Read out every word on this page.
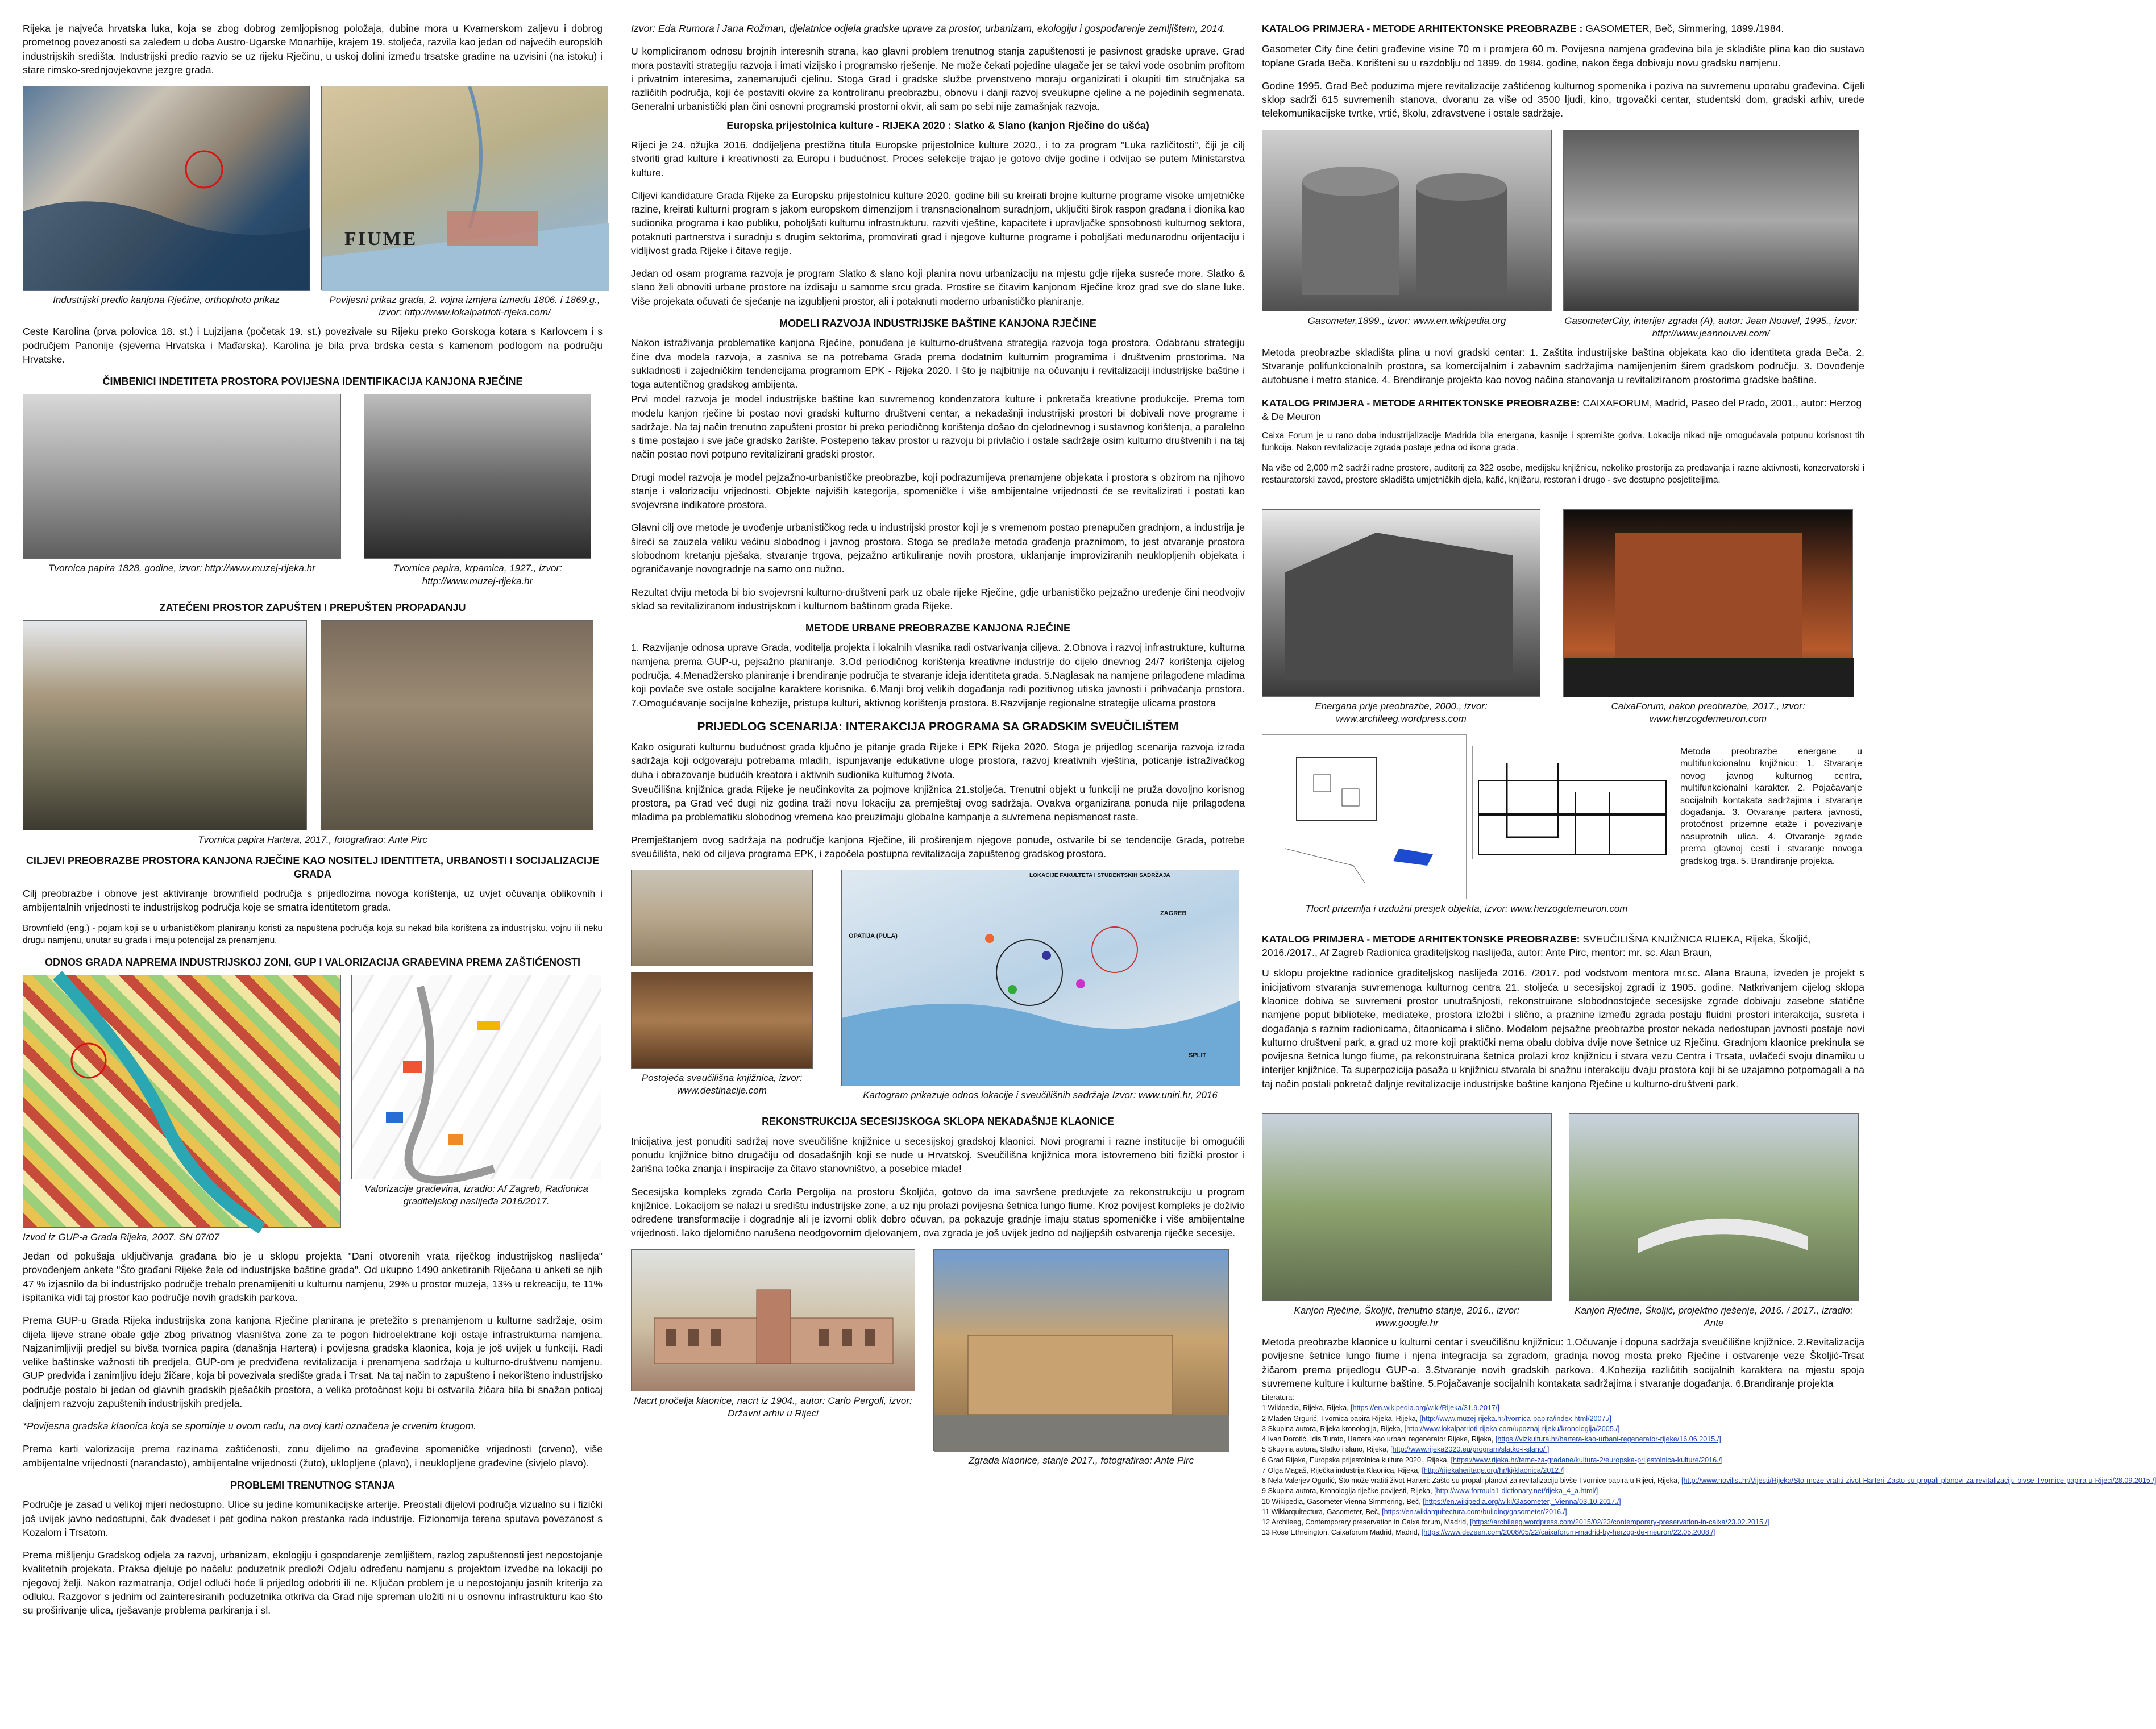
Rijeka je najveća hrvatska luka, koja se zbog dobrog zemljopisnog položaja, dubine mora u Kvarnerskom zaljevu i dobrog prometnog povezanosti sa zaleđem u doba Austro-Ugarske Monarhije, krajem 19. stoljeća, razvila kao jedan od najvećih europskih industrijskih središta. Industrijski predio razvio se uz rijeku Rječinu, u uskoj dolini između trsatske gradine na uzvisini (na istoku) i stare rimsko-srednjovjekovne jezgre grada.

Industrijski predio kanjona Rječine, orthophoto prikaz
FIUME
Povijesni prikaz grada, 2. vojna izmjera između 1806. i 1869.g., izvor: http://www.lokalpatrioti-rijeka.com/

Ceste Karolina (prva polovica 18. st.) i Lujzijana (početak 19. st.) povezivale su Rijeku preko Gorskoga kotara s Karlovcem i s područjem Panonije (sjeverna Hrvatska i Mađarska). Karolina je bila prva brdska cesta s kamenom podlogom na području Hrvatske.

ČIMBENICI INDETITETA PROSTORA POVIJESNA IDENTIFIKACIJA KANJONA RJEČINE
Tvornica papira 1828. godine, izvor: http://www.muzej-rijeka.hr	Tvornica papira, krpamica, 1927., izvor: http://www.muzej-rijeka.hr
ZATEČENI PROSTOR ZAPUŠTEN I PREPUŠTEN PROPADANJU
Tvornica papira Hartera, 2017., fotografirao: Ante Pirc
CILJEVI PREOBRAZBE PROSTORA KANJONA RJEČINE KAO NOSITELJ IDENTITETA, URBANOSTI I SOCIJALIZACIJE GRADA

Cilj preobrazbe i obnove jest aktiviranje brownfield područja s prijedlozima novoga korištenja, uz uvjet očuvanja oblikovnih i ambijentalnih vrijednosti te industrijskog područja koje se smatra identitetom grada.

Brownfield (eng.) - pojam koji se u urbanističkom planiranju koristi za napuštena područja koja su nekad bila korištena za industrijsku, vojnu ili neku drugu namjenu, unutar su grada i imaju potencijal za prenamjenu.

ODNOS GRADA NAPREMA INDUSTRIJSKOJ ZONI, GUP I VALORIZACIJA GRAĐEVINA PREMA ZAŠTIĆENOSTI
Izvod iz GUP-a Grada Rijeka, 2007. SN 07/07
Valorizacije građevina, izradio: Af Zagreb, Radionica graditeljskog naslijeđa 2016/2017.

Jedan od pokušaja uključivanja građana bio je u sklopu projekta "Dani otvorenih vrata riječkog industrijskog naslijeđa" provođenjem ankete "Što građani Rijeke žele od industrijske baštine grada". Od ukupno 1490 anketiranih Riječana u anketi se njih 47 % izjasnilo da bi industrijsko područje trebalo prenamijeniti u kulturnu namjenu, 29% u prostor muzeja, 13% u rekreaciju, te 11% ispitanika vidi taj prostor kao područje novih gradskih parkova.

Prema GUP-u Grada Rijeka industrijska zona kanjona Rječine planirana je pretežito s prenamjenom u kulturne sadržaje, osim dijela lijeve strane obale gdje zbog privatnog vlasništva zone za te pogon hidroelektrane koji ostaje infrastrukturna namjena. Najzanimljiviji predjel su bivša tvornica papira (današnja Hartera) i povijesna gradska klaonica, koja je još uvijek u funkciji. Radi velike baštinske važnosti tih predjela, GUP-om je predviđena revitalizacija i prenamjena sadržaja u kulturno-društvenu namjenu. GUP predviđa i zanimljivu ideju žičare, koja bi povezivala središte grada i Trsat. Na taj način to zapušteno i nekorišteno industrijsko područje postalo bi jedan od glavnih gradskih pješačkih prostora, a velika protočnost koju bi ostvarila žičara bila bi snažan poticaj daljnjem razvoju zapuštenih industrijskih predjela.

*Povijesna gradska klaonica koja se spominje u ovom radu, na ovoj karti označena je crvenim krugom.

Prema karti valorizacije prema razinama zaštićenosti, zonu dijelimo na građevine spomeničke vrijednosti (crveno), više ambijentalne vrijednosti (narandasto), ambijentalne vrijednosti (žuto), uklopljene (plavo), i neuklopljene građevine (sivjelo plavo).

PROBLEMI TRENUTNOG STANJA

Područje je zasad u velikoj mjeri nedostupno. Ulice su jedine komunikacijske arterije. Preostali dijelovi područja vizualno su i fizički još uvijek javno nedostupni, čak dvadeset i pet godina nakon prestanka rada industrije. Fizionomija terena sputava povezanost s Kozalom i Trsatom.

Prema mišljenju Gradskog odjela za razvoj, urbanizam, ekologiju i gospodarenje zemljištem, razlog zapuštenosti jest nepostojanje kvalitetnih projekata. Praksa djeluje po načelu: poduzetnik predloži Odjelu određenu namjenu s projektom izvedbe na lokaciji po njegovoj želji. Nakon razmatranja, Odjel odluči hoće li prijedlog odobriti ili ne. Ključan problem je u nepostojanju jasnih kriterija za odluku. Razgovor s jednim od zainteresiranih poduzetnika otkriva da Grad nije spreman uložiti ni u osnovnu infrastrukturu kao što su proširivanje ulica, rješavanje problema parkiranja i sl.

Izvor: Eda Rumora i Jana Rožman, djelatnice odjela gradske uprave za prostor, urbanizam, ekologiju i gospodarenje zemljištem, 2014.

U kompliciranom odnosu brojnih interesnih strana, kao glavni problem trenutnog stanja zapuštenosti je pasivnost gradske uprave. Grad mora postaviti strategiju razvoja i imati vizijsko i programsko rješenje. Ne može čekati pojedine ulagače jer se takvi vode osobnim profitom i privatnim interesima, zanemarujući cjelinu. Stoga Grad i gradske službe prvenstveno moraju organizirati i okupiti tim stručnjaka sa različitih područja, koji će postaviti okvire za kontroliranu preobrazbu, obnovu i danji razvoj sveukupne cjeline a ne pojedinih segmenata. Generalni urbanistički plan čini osnovni programski prostorni okvir, ali sam po sebi nije zamašnjak razvoja.

Europska prijestolnica kulture - RIJEKA 2020 : Slatko & Slano (kanjon Rječine do ušća)

Rijeci je 24. ožujka 2016. dodijeljena prestižna titula Europske prijestolnice kulture 2020., i to za program "Luka različitosti", čiji je cilj stvoriti grad kulture i kreativnosti za Europu i budućnost. Proces selekcije trajao je gotovo dvije godine i odvijao se putem Ministarstva kulture.

Ciljevi kandidature Grada Rijeke za Europsku prijestolnicu kulture 2020. godine bili su kreirati brojne kulturne programe visoke umjetničke razine, kreirati kulturni program s jakom europskom dimenzijom i transnacionalnom suradnjom, uključiti širok raspon građana i dionika kao sudionika programa i kao publiku, poboljšati kulturnu infrastrukturu, razviti vještine, kapacitete i upravljačke sposobnosti kulturnog sektora, potaknuti partnerstva i suradnju s drugim sektorima, promovirati grad i njegove kulturne programe i poboljšati međunarodnu orijentaciju i vidljivost grada Rijeke i čitave regije.

Jedan od osam programa razvoja je program Slatko & slano koji planira novu urbanizaciju na mjestu gdje rijeka susreće more. Slatko & slano želi obnoviti urbane prostore na izdisaju u samome srcu grada. Prostire se čitavim kanjonom Rječine kroz grad sve do slane luke. Više projekata očuvati će sjećanje na izgubljeni prostor, ali i potaknuti moderno urbanističko planiranje.

MODELI RAZVOJA INDUSTRIJSKE BAŠTINE KANJONA RJEČINE

Nakon istraživanja problematike kanjona Rječine, ponuđena je kulturno-društvena strategija razvoja toga prostora. Odabranu strategiju čine dva modela razvoja, a zasniva se na potrebama Grada prema dodatnim kulturnim programima i društvenim prostorima. Na sukladnosti i zajedničkim tendencijama programom EPK - Rijeka 2020. I što je najbitnije na očuvanju i revitalizaciji industrijske baštine i toga autentičnog gradskog ambijenta.

Prvi model razvoja je model industrijske baštine kao suvremenog kondenzatora kulture i pokretača kreativne produkcije. Prema tom modelu kanjon rječine bi postao novi gradski kulturno društveni centar, a nekadašnji industrijski prostori bi dobivali nove programe i sadržaje. Na taj način trenutno zapušteni prostor bi preko periodičnog korištenja došao do cjelodnevnog i sustavnog korištenja, a paralelno s time postajao i sve jače gradsko žarište. Postepeno takav prostor u razvoju bi privlačio i ostale sadržaje osim kulturno društvenih i na taj način postao novi potpuno revitalizirani gradski prostor.

Drugi model razvoja je model pejzažno-urbanističke preobrazbe, koji podrazumijeva prenamjene objekata i prostora s obzirom na njihovo stanje i valorizaciju vrijednosti. Objekte najviših kategorija, spomeničke i više ambijentalne vrijednosti će se revitalizirati i postati kao svojevrsne indikatore prostora.

Glavni cilj ove metode je uvođenje urbanističkog reda u industrijski prostor koji je s vremenom postao prenapučen gradnjom, a industrija je šireći se zauzela veliku većinu slobodnog i javnog prostora. Stoga se predlaže metoda građenja praznimom, to jest otvaranje prostora slobodnom kretanju pješaka, stvaranje trgova, pejzažno artikuliranje novih prostora, uklanjanje improviziranih neuklopljenih objekata i ograničavanje novogradnje na samo ono nužno.

Rezultat dviju metoda bi bio svojevrsni kulturno-društveni park uz obale rijeke Rječine, gdje urbanističko pejzažno uređenje čini neodvojiv sklad sa revitaliziranom industrijskom i kulturnom baštinom grada Rijeke.

METODE URBANE PREOBRAZBE KANJONA RJEČINE

1. Razvijanje odnosa uprave Grada, voditelja projekta i lokalnih vlasnika radi ostvarivanja ciljeva. 2.Obnova i razvoj infrastrukture, kulturna namjena prema GUP-u, pejsažno planiranje. 3.Od periodičnog korištenja kreativne industrije do cijelo dnevnog 24/7 korištenja cijelog područja. 4.Menadžersko planiranje i brendiranje područja te stvaranje ideja identiteta grada. 5.Naglasak na namjene prilagođene mladima koji povlače sve ostale socijalne karaktere korisnika. 6.Manji broj velikih događanja radi pozitivnog utiska javnosti i prihvaćanja prostora. 7.Omogućavanje socijalne kohezije, pristupa kulturi, aktivnog korištenja prostora. 8.Razvijanje regionalne strategije ulicama prostora

PRIJEDLOG SCENARIJA: INTERAKCIJA PROGRAMA SA GRADSKIM SVEUČILIŠTEM

Kako osigurati kulturnu budućnost grada ključno je pitanje grada Rijeke i EPK Rijeka 2020. Stoga je prijedlog scenarija razvoja izrada sadržaja koji odgovaraju potrebama mladih, ispunjavanje edukativne uloge prostora, razvoj kreativnih vještina, poticanje istraživačkog duha i obrazovanje budućih kreatora i aktivnih sudionika kulturnog života.

Sveučilišna knjižnica grada Rijeke je neučinkovita za pojmove knjižnica 21.stoljeća. Trenutni objekt u funkciji ne pruža dovoljno korisnog prostora, pa Grad već dugi niz godina traži novu lokaciju za premještaj ovog sadržaja. Ovakva organizirana ponuda nije prilagođena mladima pa problematiku slobodnog vremena kao preuzimaju globalne kampanje a suvremena nepismenost raste.

Premještanjem ovog sadržaja na područje kanjona Rječine, ili proširenjem njegove ponude, ostvarile bi se tendencije Grada, potrebe sveučilišta, neki od ciljeva programa EPK, i započela postupna revitalizacija zapuštenog gradskog prostora.

Postojeća sveučilišna knjižnica, izvor: www.destinacije.com
LOKACIJE FAKULTETA I STUDENTSKIH SADRŽAJA
ZAGREB
SPLIT
OPATIJA (PULA)
Kartogram prikazuje odnos lokacije i sveučilišnih sadržaja Izvor: www.uniri.hr, 2016
REKONSTRUKCIJA SECESIJSKOGA SKLOPA NEKADAŠNJE KLAONICE

Inicijativa jest ponuditi sadržaj nove sveučilišne knjižnice u secesijskoj gradskoj klaonici. Novi programi i razne institucije bi omogućili ponudu knjižnice bitno drugačiju od dosadašnjih koji se nude u Hrvatskoj. Sveučilišna knjižnica mora istovremeno biti fizički prostor i žarišna točka znanja i inspiracije za čitavo stanovništvo, a posebice mlade!

Secesijska kompleks zgrada Carla Pergolija na prostoru Školjića, gotovo da ima savršene preduvjete za rekonstrukciju u program knjižnice. Lokacijom se nalazi u središtu industrijske zone, a uz nju prolazi povijesna šetnica lungo fiume. Kroz povijest kompleks je doživio određene transformacije i dogradnje ali je izvorni oblik dobro očuvan, pa pokazuje gradnje imaju status spomeničke i više ambijentalne vrijednosti. Iako djelomično narušena neodgovornim djelovanjem, ova zgrada je još uvijek jedno od najljepših ostvarenja riječke secesije.

Nacrt pročelja klaonice, nacrt iz 1904., autor: Carlo Pergoli, izvor: Državni arhiv u Rijeci
Zgrada klaonice, stanje 2017., fotografirao: Ante Pirc
KATALOG PRIMJERA - METODE ARHITEKTONSKE PREOBRAZBE : GASOMETER, Beč, Simmering, 1899./1984.

Gasometer City čine četiri građevine visine 70 m i promjera 60 m. Povijesna namjena građevina bila je skladište plina kao dio sustava toplane Grada Beča. Korišteni su u razdoblju od 1899. do 1984. godine, nakon čega dobivaju novu gradsku namjenu.

Godine 1995. Grad Beč poduzima mjere revitalizacije zaštićenog kulturnog spomenika i poziva na suvremenu uporabu građevina. Cijeli sklop sadrži 615 suvremenih stanova, dvoranu za više od 3500 ljudi, kino, trgovački centar, studentski dom, gradski arhiv, urede telekomunikacijske tvrtke, vrtić, školu, zdravstvene i ostale sadržaje.

Gasometer,1899., izvor: www.en.wikipedia.org	GasometerCity, interijer zgrada (A), autor: Jean Nouvel, 1995., izvor: http://www.jeannouvel.com/

Metoda preobrazbe skladišta plina u novi gradski centar: 1. Zaštita industrijske baština objekata kao dio identiteta grada Beča. 2. Stvaranje polifunkcionalnih prostora, sa komercijalnim i zabavnim sadržajima namijenjenim širem gradskom području. 3. Dovođenje autobusne i metro stanice. 4. Brendiranje projekta kao novog načina stanovanja u revitaliziranom prostorima gradske baštine.

KATALOG PRIMJERA - METODE ARHITEKTONSKE PREOBRAZBE: CAIXAFORUM, Madrid, Paseo del Prado, 2001., autor: Herzog & De Meuron

Caixa Forum je u rano doba industrijalizacije Madrida bila energana, kasnije i spremište goriva. Lokacija nikad nije omogućavala potpunu korisnost tih funkcija. Nakon revitalizacije zgrada postaje jedna od ikona grada.

Na više od 2,000 m2 sadrži radne prostore, auditorij za 322 osobe, medijsku knjižnicu, nekoliko prostorija za predavanja i razne aktivnosti, konzervatorski i restauratorski zavod, prostore skladišta umjetničkih djela, kafić, knjižaru, restoran i drugo - sve dostupno posjetiteljima.

Energana prije preobrazbe, 2000., izvor: www.archileeg.wordpress.com
CaixaForum, nakon preobrazbe, 2017., izvor: www.herzogdemeuron.com
Tlocrt prizemlja i uzdužni presjek objekta, izvor: www.herzogdemeuron.com

Metoda preobrazbe energane u multifunkcionalnu knjižnicu: 1. Stvaranje novog javnog kulturnog centra, multifunkcionalni karakter. 2. Pojačavanje socijalnih kontakata sadržajima i stvaranje događanja. 3. Otvaranje partera javnosti, protočnost prizemne etaže i povezivanje nasuprotnih ulica. 4. Otvaranje zgrade prema glavnoj cesti i stvaranje novoga gradskog trga. 5. Brandiranje projekta.

KATALOG PRIMJERA - METODE ARHITEKTONSKE PREOBRAZBE: SVEUČILIŠNA KNJIŽNICA RIJEKA, Rijeka, Školjić, 2016./2017., Af Zagreb Radionica graditeljskog naslijeđa, autor: Ante Pirc, mentor: mr. sc. Alan Braun,

U sklopu projektne radionice graditeljskog naslijeđa 2016. /2017. pod vodstvom mentora mr.sc. Alana Brauna, izveden je projekt s inicijativom stvaranja suvremenoga kulturnog centra 21. stoljeća u secesijskoj zgradi iz 1905. godine. Natkrivanjem cijelog sklopa klaonice dobiva se suvremeni prostor unutrašnjosti, rekonstruirane slobodnostojeće secesijske zgrade dobivaju zasebne statične namjene poput biblioteke, mediateke, prostora izložbi i slično, a praznine između zgrada postaju fluidni prostori interakcija, susreta i događanja s raznim radionicama, čitaonicama i slično. Modelom pejsažne preobrazbe prostor nekada nedostupan javnosti postaje novi kulturno društveni park, a grad uz more koji praktički nema obalu dobiva dvije nove šetnice uz Rječinu. Gradnjom klaonice prekinula se povijesna šetnica lungo fiume, pa rekonstruirana šetnica prolazi kroz knjižnicu i stvara vezu Centra i Trsata, uvlačeći svoju dinamiku u interijer knjižnice. Ta superpozicija pasaža u knjižnicu stvarala bi snažnu interakciju dvaju prostora koji bi se uzajamno potpomagali a na taj način postali pokretač daljnje revitalizacije industrijske baštine kanjona Rječine u kulturno-društveni park.

Kanjon Rječine, Školjić, trenutno stanje, 2016., izvor: www.google.hr
Kanjon Rječine, Školjić, projektno rješenje, 2016. / 2017., izradio: Ante

Metoda preobrazbe klaonice u kulturni centar i sveučilišnu knjižnicu: 1.Očuvanje i dopuna sadržaja sveučilišne knjižnice. 2.Revitalizacija povijesne šetnice lungo fiume i njena integracija sa zgradom, gradnja novog mosta preko Rječine i ostvarenje veze Školjić-Trsat žičarom prema prijedlogu GUP-a. 3.Stvaranje novih gradskih parkova. 4.Kohezija različitih socijalnih karaktera na mjestu spoja suvremene kulture i kulturne baštine. 5.Pojačavanje socijalnih kontakata sadržajima i stvaranje događanja. 6.Brandiranje projekta

Literatura:
1 Wikipedia, Rijeka, Rijeka, [https://en.wikipedia.org/wiki/Rijeka/31.9.2017/]
2 Mladen Grgurić, Tvornica papira Rijeka, Rijeka, [http://www.muzej-rijeka.hr/tvornica-papira/index.html/2007./]
3 Skupina autora, Rijeka kronologija, Rijeka, [http://www.lokalpatrioti-rijeka.com/upoznaj-rijeku/kronologija/2005./]
4 Ivan Dorotić, Idis Turato, Hartera kao urbani regenerator Rijeke, Rijeka, [https://vizkultura.hr/hartera-kao-urbani-regenerator-rijeke/16.06.2015./]
5 Skupina autora, Slatko i slano, Rijeka, [http://www.rijeka2020.eu/program/slatko-i-slano/ ]
6 Grad Rijeka, Europska prijestolnica kulture 2020., Rijeka, [https://www.rijeka.hr/teme-za-gradane/kultura-2/europska-prijestolnica-kulture/2016./]
7 Olga Magaš, Riječka industrija Klaonica, Rijeka, [http://rijekaheritage.org/hr/kj/klaonica/2012./]
8 Nela Valerjev Ogurlić, Što može vratiti život Harteri: Zašto su propali planovi za revitalizaciju bivše Tvornice papira u Rijeci, Rijeka, [http://www.novilist.hr/Vijesti/Rijeka/Sto-moze-vratiti-zivot-Harteri-Zasto-su-propali-planovi-za-revitalizaciju-bivse-Tvornice-papira-u-Rijeci/28.09.2015./]
9 Skupina autora, Kronologija riječke povijesti, Rijeka, [http://www.formula1-dictionary.net/rijeka_4_a.html/]
10 Wikipedia, Gasometer Vienna Simmering, Beč, [https://en.wikipedia.org/wiki/Gasometer,_Vienna/03.10.2017./]
11 Wikiarquitectura, Gasometer, Beč, [https://en.wikiarquitectura.com/building/gasometer/2016./]
12 Archileeg, Contemporary preservation in Caixa forum, Madrid, [https://archileeg.wordpress.com/2015/02/23/contemporary-preservation-in-caixa/23.02.2015./]
13 Rose Ethreington, Caixaforum Madrid, Madrid, [https://www.dezeen.com/2008/05/22/caixaforum-madrid-by-herzog-de-meuron/22.05.2008./]
